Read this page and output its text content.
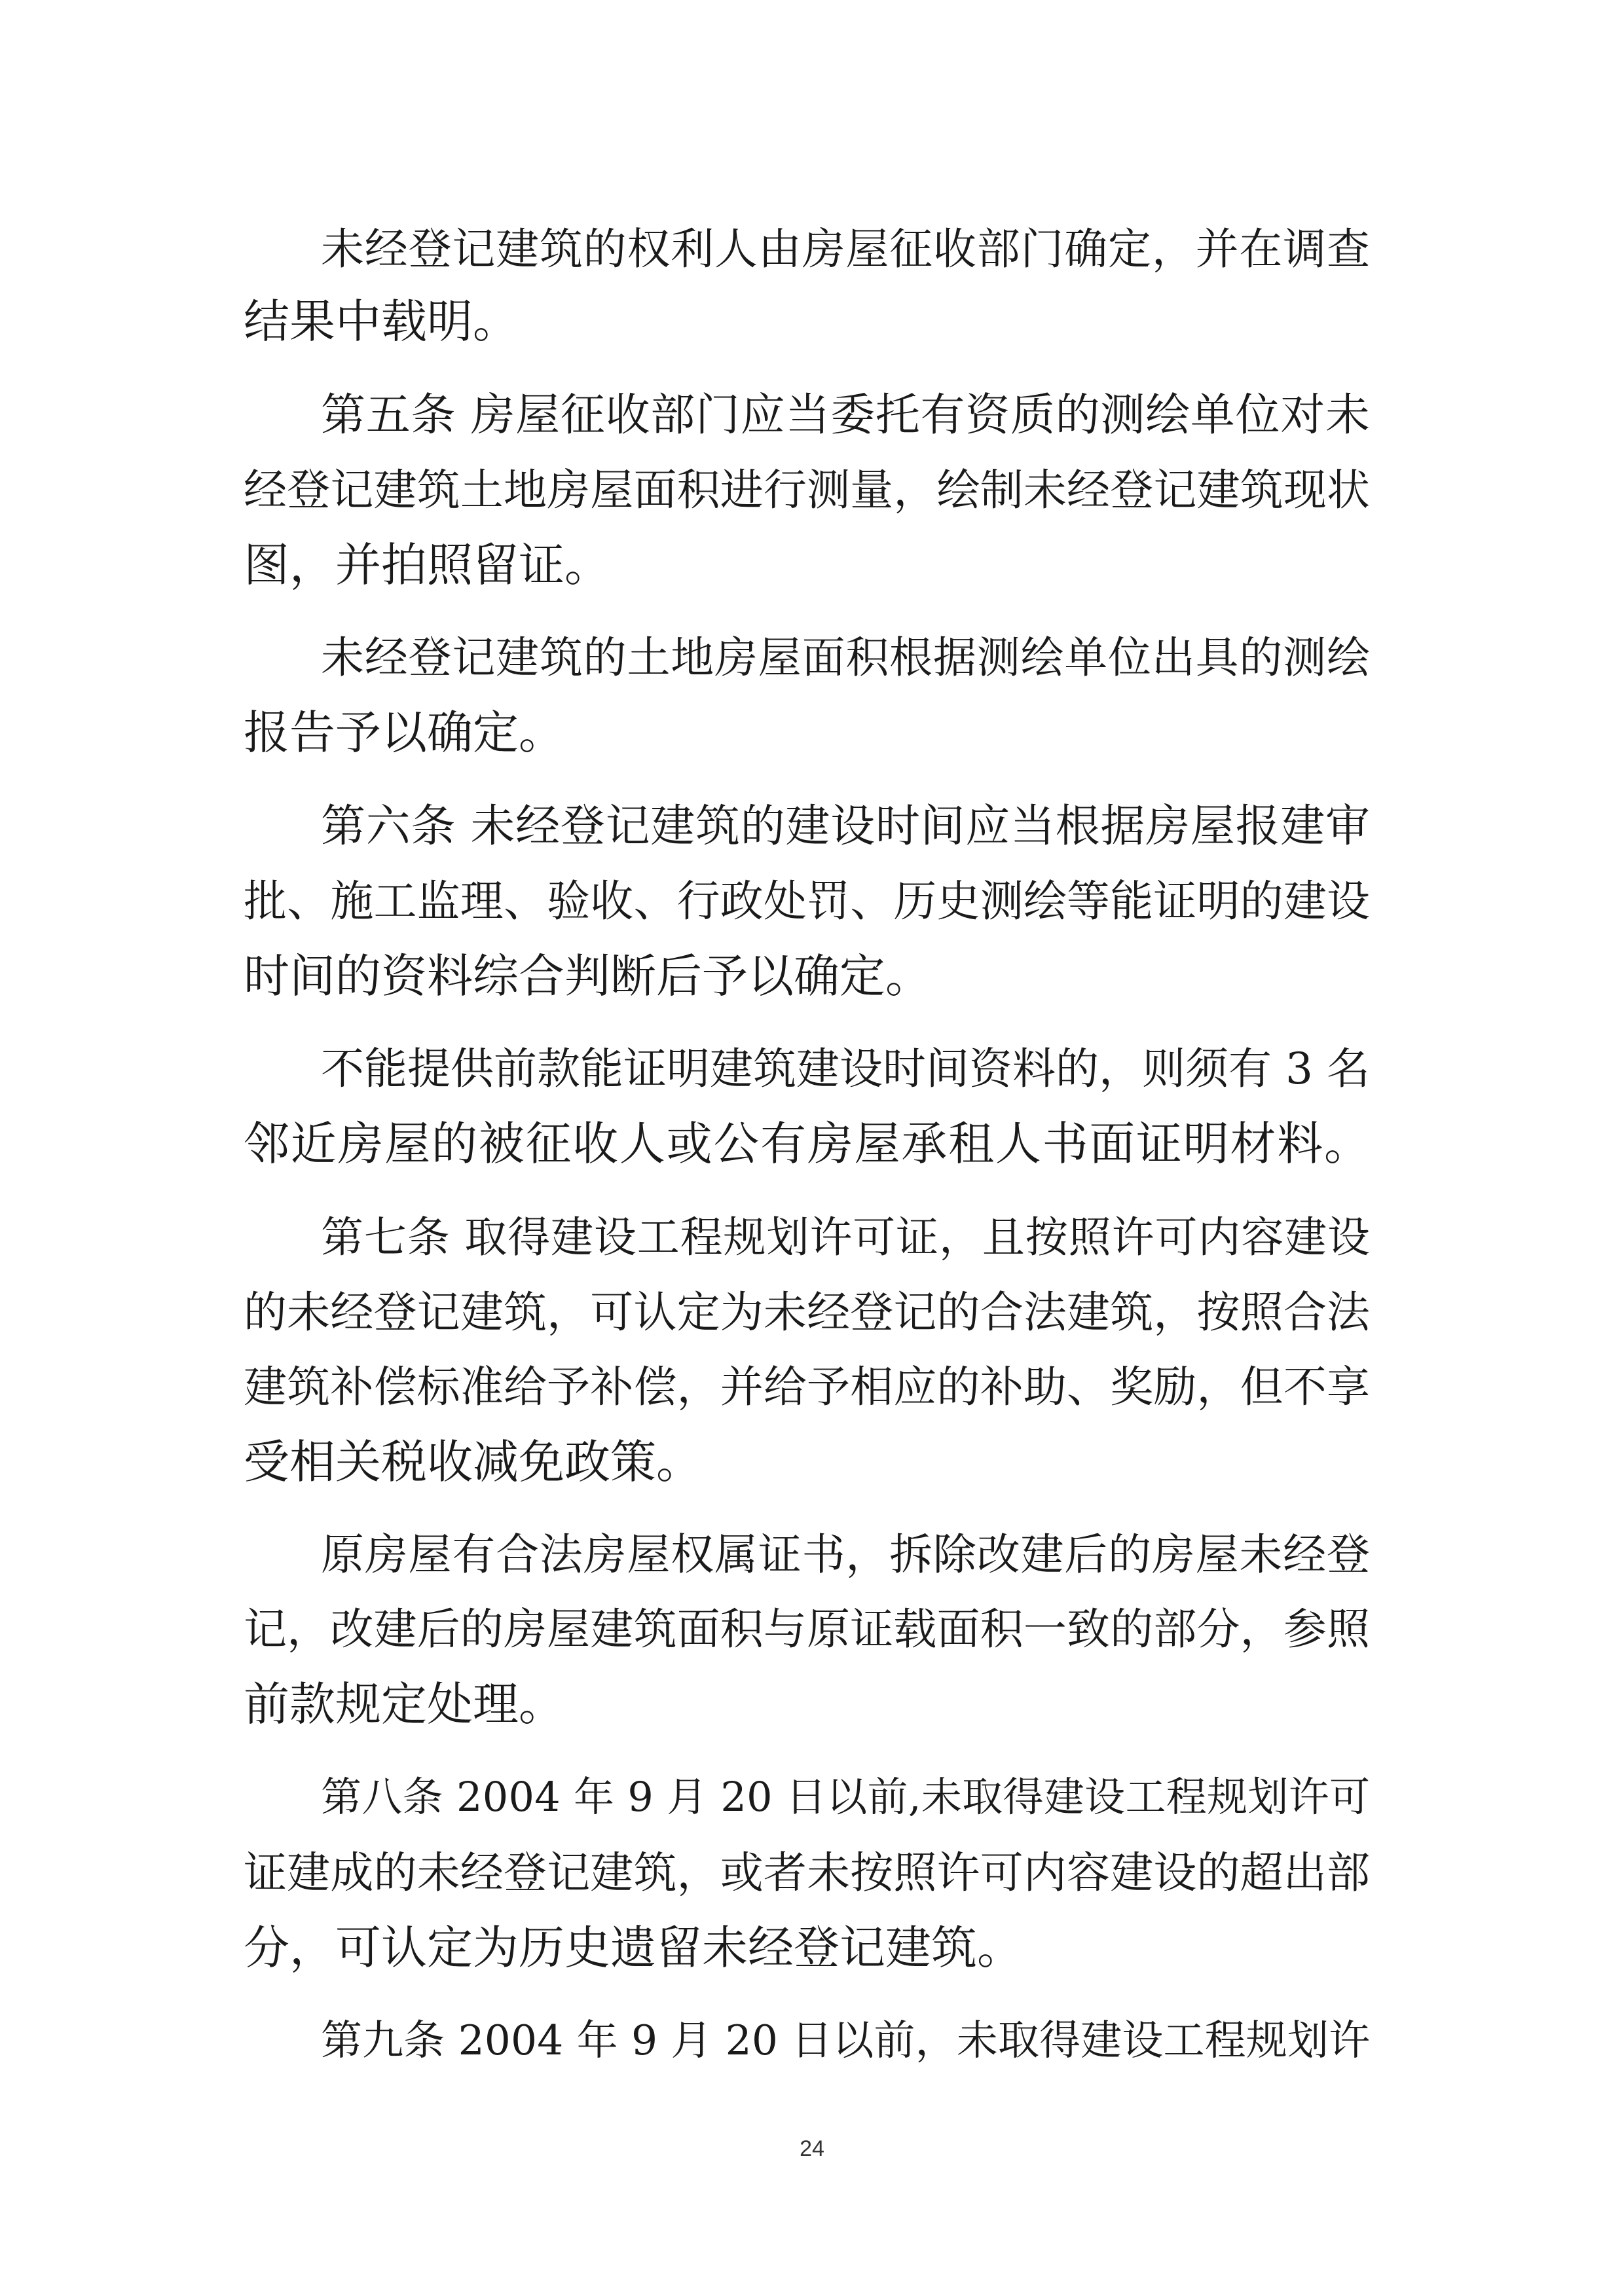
未经登记建筑的权利人由房屋征收部门确定，并在调查
结果中载明。
第五条 房屋征收部门应当委托有资质的测绘单位对未
经登记建筑土地房屋面积进行测量，绘制未经登记建筑现状
图，并拍照留证。
未经登记建筑的土地房屋面积根据测绘单位出具的测绘
报告予以确定。
第六条 未经登记建筑的建设时间应当根据房屋报建审
批、施工监理、验收、行政处罚、历史测绘等能证明的建设
时间的资料综合判断后予以确定。
不能提供前款能证明建筑建设时间资料的，则须有 3 名
邻近房屋的被征收人或公有房屋承租人书面证明材料。
第七条 取得建设工程规划许可证，且按照许可内容建设
的未经登记建筑，可认定为未经登记的合法建筑，按照合法
建筑补偿标准给予补偿，并给予相应的补助、奖励，但不享
受相关税收减免政策。
原房屋有合法房屋权属证书，拆除改建后的房屋未经登
记，改建后的房屋建筑面积与原证载面积一致的部分，参照
前款规定处理。
第八条 2004 年 9 月 20 日以前,未取得建设工程规划许可
证建成的未经登记建筑，或者未按照许可内容建设的超出部
分，可认定为历史遗留未经登记建筑。
第九条 2004 年 9 月 20 日以前，未取得建设工程规划许
24
